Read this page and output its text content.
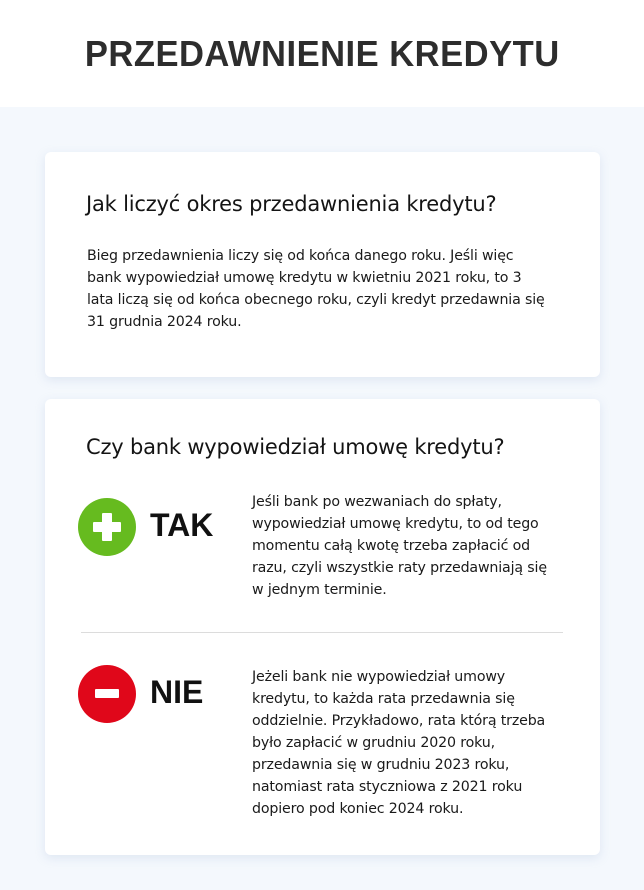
PRZEDAWNIENIE KREDYTU
Jak liczyć okres przedawnienia kredytu?

Bieg przedawnienia liczy się od końca danego roku. Jeśli więc bank wypowiedział umowę kredytu w kwietniu 2021 roku, to 3 lata liczą się od końca obecnego roku, czyli kredyt przedawnia się 31 grudnia 2024 roku.

Czy bank wypowiedział umowę kredytu?
TAK

Jeśli bank po wezwaniach do spłaty, wypowiedział umowę kredytu, to od tego momentu całą kwotę trzeba zapłacić od razu, czyli wszystkie raty przedawniają się w jednym terminie.

NIE	Jeżeli bank nie wypowiedział umowy kredytu, to każda rata przedawnia się oddzielnie. Przykładowo, rata którą trzeba było zapłacić w grudniu 2020 roku, przedawnia się w grudniu 2023 roku, natomiast rata styczniowa z 2021 roku dopiero pod koniec 2024 roku.
